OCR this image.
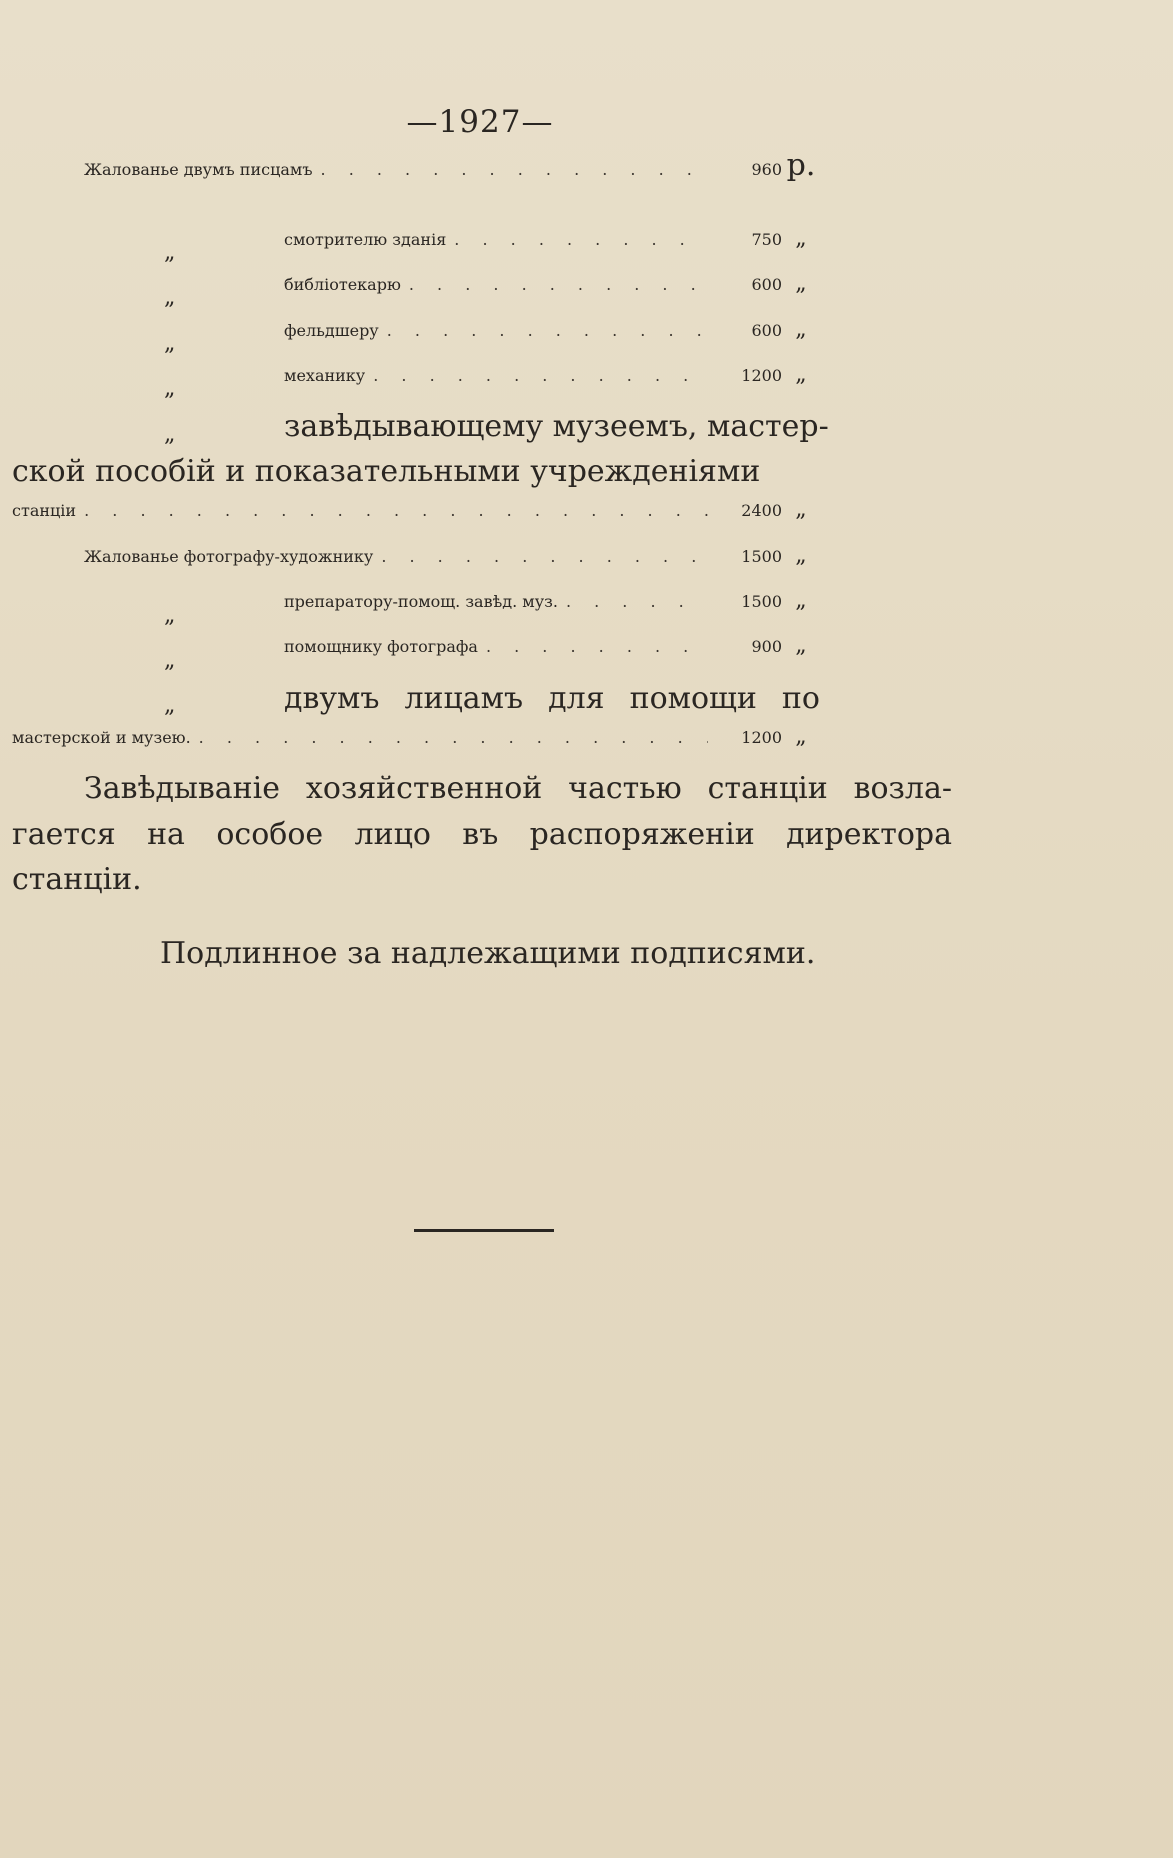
—1927—
Жалованье двумъ писцамъ . . .	960 р.
„
смотрителю зданія . . .	750 „
„
библіотекарю . . .	600 „
„
фельдшеру . . .	600 „
„
механику . . .	1200 „
„	завѣдывающему музеемъ, мастер-
ской пособій и показательными учрежденіями
станціи . . .	2400 „
Жалованье фотографу-художнику . . .	1500 „
„
препаратору-помощ. завѣд. муз. . . .	1500 „
„
помощнику фотографа . . .	900 „
„	двумъ лицамъ для помощи по
мастерской и музею. . . .	1200 „
Завѣдываніе хозяйственной частью станціи возла-
гается на особое лицо въ распоряженіи директора
станціи.
Подлинное за надлежащими подписями.
